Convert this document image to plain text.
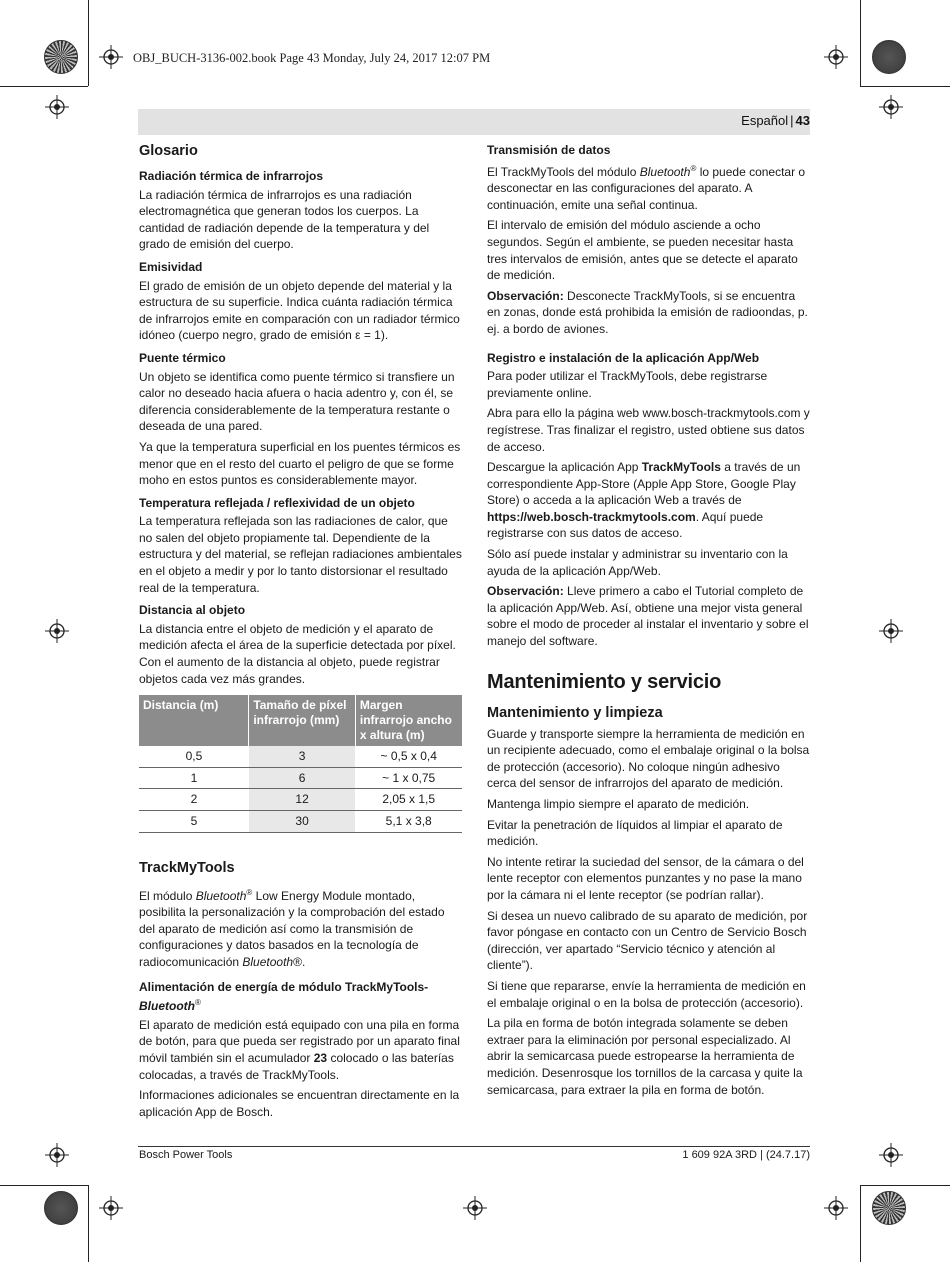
OBJ_BUCH-3136-002.book Page 43 Monday, July 24, 2017 12:07 PM
Español | 43
Glosario
Radiación térmica de infrarrojos

La radiación térmica de infrarrojos es una radiación electromagnética que generan todos los cuerpos. La cantidad de radiación depende de la temperatura y del grado de emisión del cuerpo.

Emisividad

El grado de emisión de un objeto depende del material y la estructura de su superficie. Indica cuánta radiación térmica de infrarrojos emite en comparación con un radiador térmico idóneo (cuerpo negro, grado de emisión ε = 1).

Puente térmico

Un objeto se identifica como puente térmico si transfiere un calor no deseado hacia afuera o hacia adentro y, con él, se diferencia considerablemente de la temperatura restante o deseada de una pared.

Ya que la temperatura superficial en los puentes térmicos es menor que en el resto del cuarto el peligro de que se forme moho en estos puntos es considerablemente mayor.

Temperatura reflejada / reflexividad de un objeto

La temperatura reflejada son las radiaciones de calor, que no salen del objeto propiamente tal. Dependiente de la estructura y del material, se reflejan radiaciones ambientales en el objeto a medir y por lo tanto distorsionar el resultado real de la temperatura.

Distancia al objeto

La distancia entre el objeto de medición y el aparato de medición afecta el área de la superficie detectada por píxel. Con el aumento de la distancia al objeto, puede registrar objetos cada vez más grandes.

Distancia (m)	Tamaño de píxel infrarrojo (mm)	Margen infrarrojo ancho x altura (m)
0,5	3	~ 0,5 x 0,4
1	6	~ 1 x 0,75
2	12	2,05 x 1,5
5	30	5,1 x 3,8
TrackMyTools

El módulo Bluetooth® Low Energy Module montado, posibilita la personalización y la comprobación del estado del aparato de medición así como la transmisión de configuraciones y datos basados en la tecnología de radiocomunicación Bluetooth®.

Alimentación de energía de módulo TrackMyTools-Bluetooth®

El aparato de medición está equipado con una pila en forma de botón, para que pueda ser registrado por un aparato final móvil también sin el acumulador 23 colocado o las baterías colocadas, a través de TrackMyTools.

Informaciones adicionales se encuentran directamente en la aplicación App de Bosch.

Transmisión de datos

El TrackMyTools del módulo Bluetooth® lo puede conectar o desconectar en las configuraciones del aparato. A continuación, emite una señal continua.

El intervalo de emisión del módulo asciende a ocho segundos. Según el ambiente, se pueden necesitar hasta tres intervalos de emisión, antes que se detecte el aparato de medición.

Observación: Desconecte TrackMyTools, si se encuentra en zonas, donde está prohibida la emisión de radioondas, p. ej. a bordo de aviones.

Registro e instalación de la aplicación App/Web

Para poder utilizar el TrackMyTools, debe registrarse previamente online.

Abra para ello la página web www.bosch-trackmytools.com y regístrese. Tras finalizar el registro, usted obtiene sus datos de acceso.

Descargue la aplicación App TrackMyTools a través de un correspondiente App-Store (Apple App Store, Google Play Store) o acceda a la aplicación Web a través de https://web.bosch-trackmytools.com. Aquí puede registrarse con sus datos de acceso.

Sólo así puede instalar y administrar su inventario con la ayuda de la aplicación App/Web.

Observación: Lleve primero a cabo el Tutorial completo de la aplicación App/Web. Así, obtiene una mejor vista general sobre el modo de proceder al instalar el inventario y sobre el manejo del software.

Mantenimiento y servicio
Mantenimiento y limpieza

Guarde y transporte siempre la herramienta de medición en un recipiente adecuado, como el embalaje original o la bolsa de protección (accesorio). No coloque ningún adhesivo cerca del sensor de infrarrojos del aparato de medición.

Mantenga limpio siempre el aparato de medición.

Evitar la penetración de líquidos al limpiar el aparato de medición.

No intente retirar la suciedad del sensor, de la cámara o del lente receptor con elementos punzantes y no pase la mano por la cámara ni el lente receptor (se podrían rallar).

Si desea un nuevo calibrado de su aparato de medición, por favor póngase en contacto con un Centro de Servicio Bosch (dirección, ver apartado “Servicio técnico y atención al cliente”).

Si tiene que repararse, envíe la herramienta de medición en el embalaje original o en la bolsa de protección (accesorio).

La pila en forma de botón integrada solamente se deben extraer para la eliminación por personal especializado. Al abrir la semicarcasa puede estropearse la herramienta de medición. Desenrosque los tornillos de la carcasa y quite la semicarcasa, para extraer la pila en forma de botón.

Bosch Power Tools	1 609 92A 3RD | (24.7.17)
